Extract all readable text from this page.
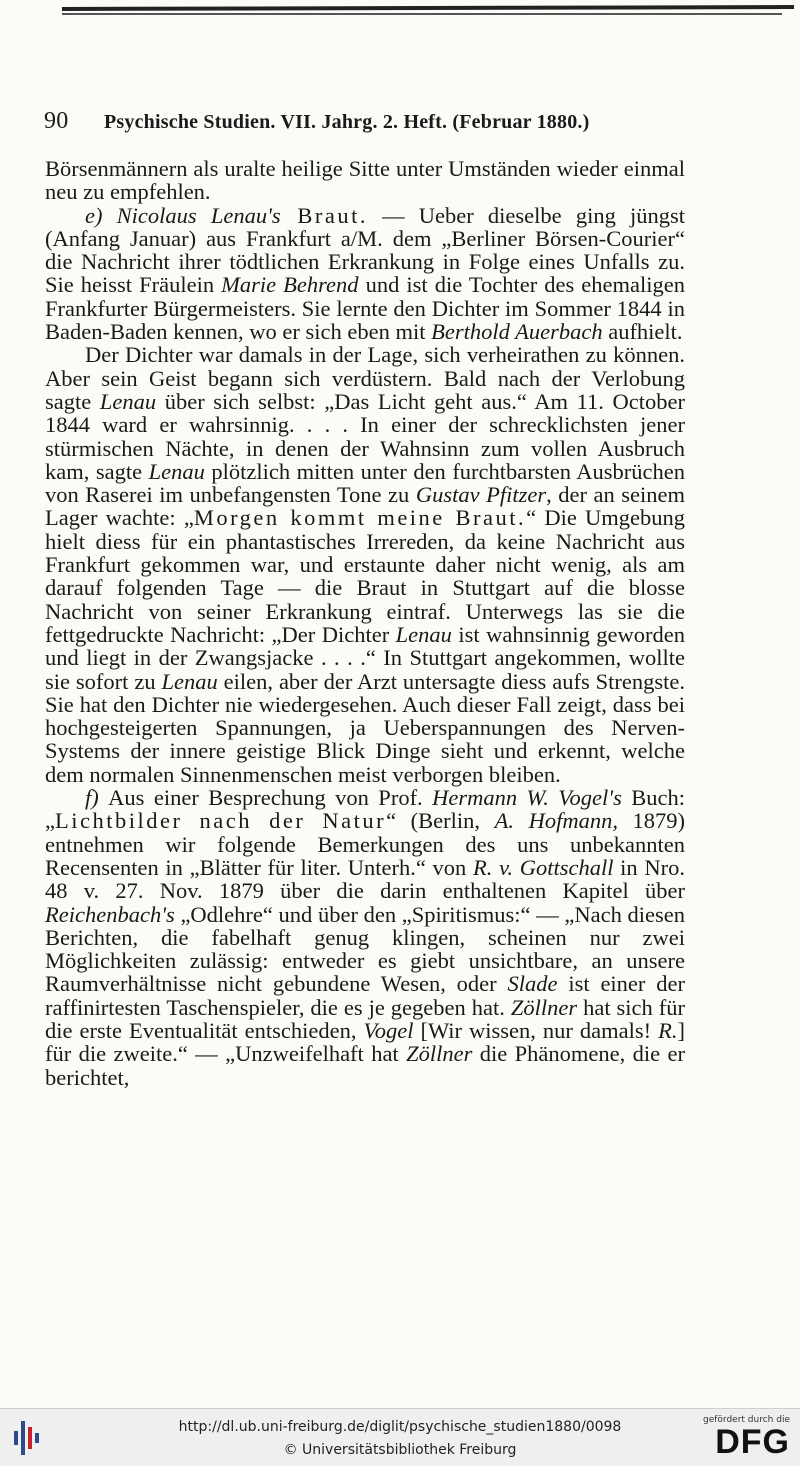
90 Psychische Studien. VII. Jahrg. 2. Heft. (Februar 1880.)

Börsenmännern als uralte heilige Sitte unter Umständen wieder einmal neu zu empfehlen.

e) Nicolaus Lenau's Braut. — Ueber dieselbe ging jüngst (Anfang Januar) aus Frankfurt a/M. dem „Berliner Börsen-Courier“ die Nachricht ihrer tödtlichen Erkrankung in Folge eines Unfalls zu. Sie heisst Fräulein Marie Behrend und ist die Tochter des ehemaligen Frankfurter Bürgermeisters. Sie lernte den Dichter im Sommer 1844 in Baden-Baden kennen, wo er sich eben mit Berthold Auerbach aufhielt.

Der Dichter war damals in der Lage, sich verheirathen zu können. Aber sein Geist begann sich verdüstern. Bald nach der Verlobung sagte Lenau über sich selbst: „Das Licht geht aus.“ Am 11. October 1844 ward er wahrsinnig. . . . In einer der schrecklichsten jener stürmischen Nächte, in denen der Wahnsinn zum vollen Ausbruch kam, sagte Lenau plötzlich mitten unter den furchtbarsten Ausbrüchen von Raserei im unbefangensten Tone zu Gustav Pfitzer, der an seinem Lager wachte: „Morgen kommt meine Braut.“ Die Umgebung hielt diess für ein phantastisches Irrereden, da keine Nachricht aus Frankfurt gekommen war, und erstaunte daher nicht wenig, als am darauf folgenden Tage — die Braut in Stuttgart auf die blosse Nachricht von seiner Erkrankung eintraf. Unterwegs las sie die fettgedruckte Nachricht: „Der Dichter Lenau ist wahnsinnig geworden und liegt in der Zwangsjacke . . . .“ In Stuttgart angekommen, wollte sie sofort zu Lenau eilen, aber der Arzt untersagte diess aufs Strengste. Sie hat den Dichter nie wiedergesehen. Auch dieser Fall zeigt, dass bei hochgesteigerten Spannungen, ja Ueberspannungen des Nerven-Systems der innere geistige Blick Dinge sieht und erkennt, welche dem normalen Sinnenmenschen meist verborgen bleiben.

f) Aus einer Besprechung von Prof. Hermann W. Vogel's Buch: „Lichtbilder nach der Natur“ (Berlin, A. Hofmann, 1879) entnehmen wir folgende Bemerkungen des uns unbekannten Recensenten in „Blätter für liter. Unterh.“ von R. v. Gottschall in Nro. 48 v. 27. Nov. 1879 über die darin enthaltenen Kapitel über Reichenbach's „Odlehre“ und über den „Spiritismus:“ — „Nach diesen Berichten, die fabelhaft genug klingen, scheinen nur zwei Möglichkeiten zulässig: entweder es giebt unsichtbare, an unsere Raumverhältnisse nicht gebundene Wesen, oder Slade ist einer der raffinirtesten Taschenspieler, die es je gegeben hat. Zöllner hat sich für die erste Eventualität entschieden, Vogel [Wir wissen, nur damals! R.] für die zweite.“ — „Unzweifelhaft hat Zöllner die Phänomene, die er berichtet,

http://dl.ub.uni-freiburg.de/diglit/psychische_studien1880/0098
© Universitätsbibliothek Freiburg
gefördert durch die
DFG
